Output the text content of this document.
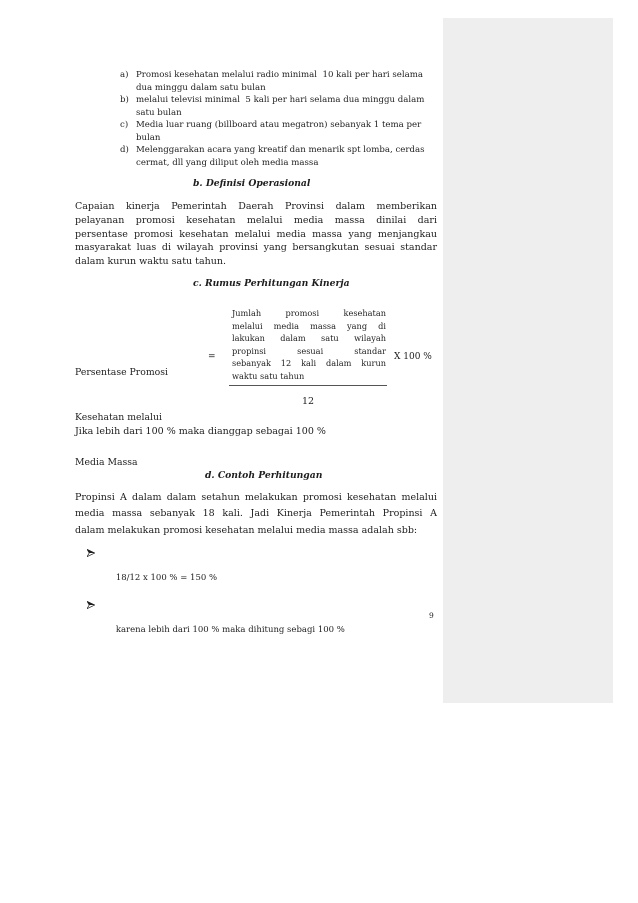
a) Promosi kesehatan melalui radio minimal  10 kali per hari selama
dua minggu dalam satu bulan
b) melalui televisi minimal  5 kali per hari selama dua minggu dalam
satu bulan
c) Media luar ruang (billboard atau megatron) sebanyak 1 tema per
bulan
d) Melenggarakan acara yang kreatif dan menarik spt lomba, cerdas
cermat, dll yang diliput oleh media massa
b. Definisi Operasional
Capaian kinerja Pemerintah Daerah Provinsi dalam memberikan
pelayanan promosi kesehatan melalui media massa dinilai dari
persentase promosi kesehatan melalui media massa yang menjangkau
masyarakat luas di wilayah provinsi yang bersangkutan sesuai standar
dalam kurun waktu satu tahun.
c. Rumus Perhitungan Kinerja

Persentase Promosi

Kesehatan melalui

Media Massa

=
Jumlah promosi kesehatan
melalui media massa yang di
lakukan dalam satu wilayah
propinsi sesuai standar
sebanyak 12 kali dalam kurun
waktu satu tahun
12
X 100 %
Jika lebih dari 100 % maka dianggap sebagai 100 %
d. Contoh Perhitungan
Propinsi A dalam dalam setahun melakukan promosi kesehatan melalui
media massa sebanyak 18 kali. Jadi Kinerja Pemerintah Propinsi A
dalam melakukan promosi kesehatan melalui media massa adalah sbb:

18/12 x 100 % = 150 %

karena lebih dari 100 % maka dihitung sebagi 100 %

9
